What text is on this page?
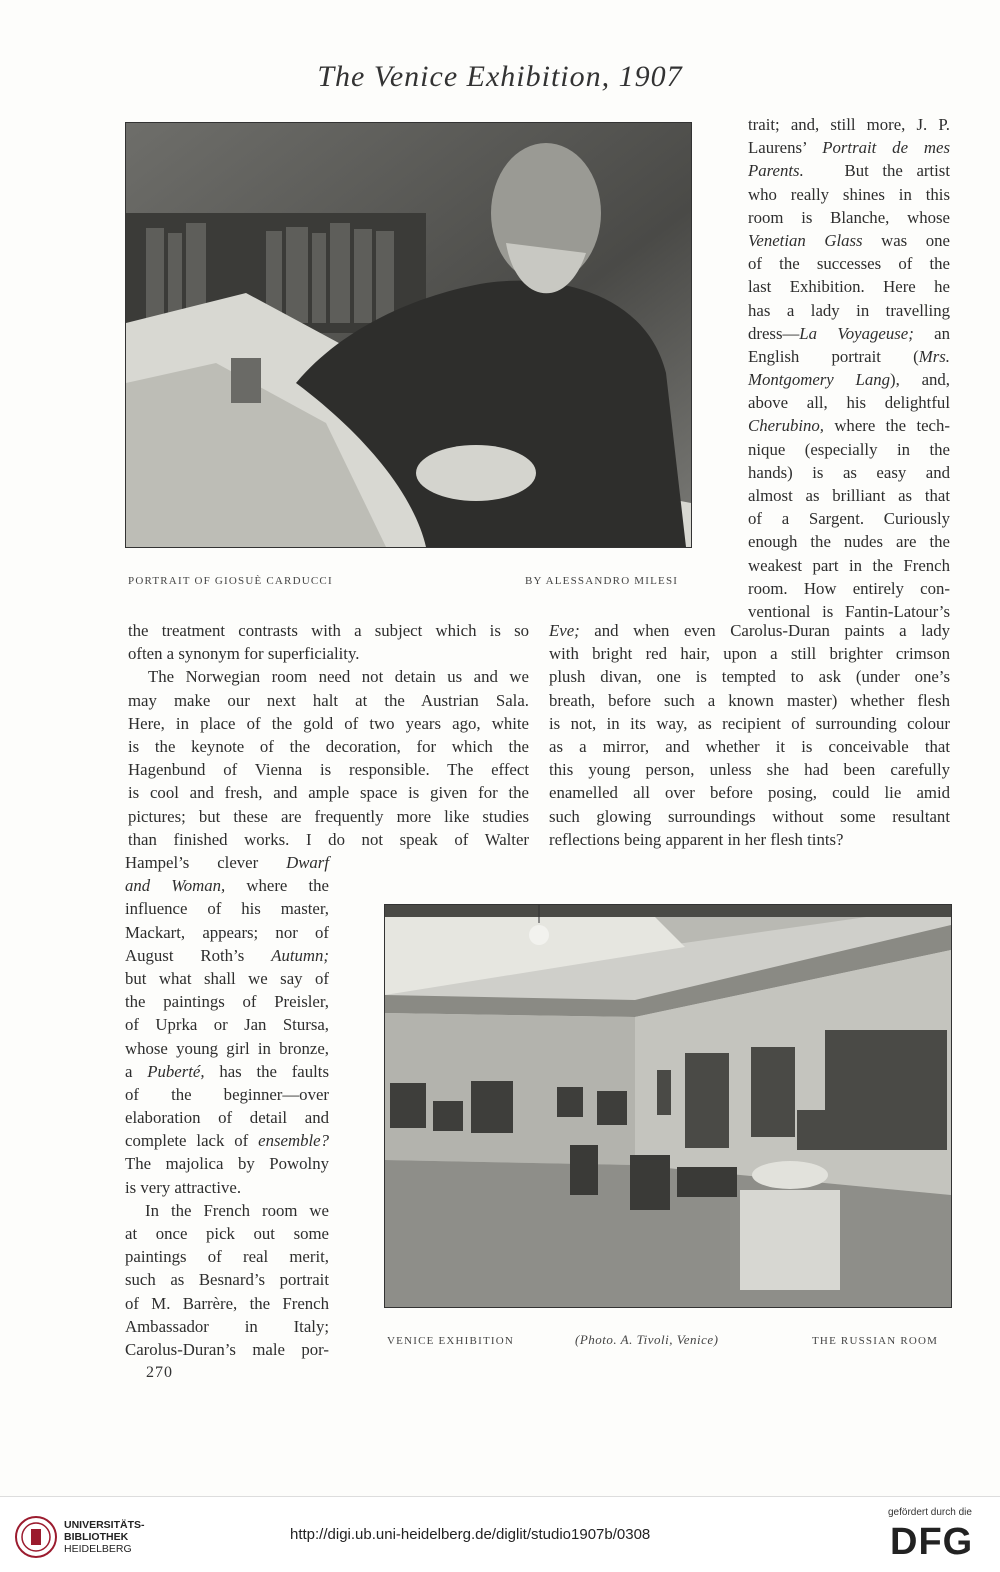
The Venice Exhibition, 1907
PORTRAIT OF GIOSUÈ CARDUCCI	BY ALESSANDRO MILESI
trait; and, still more, J. P.
Laurens’ Portrait de mes
Parents. But the artist
who really shines in this
room is Blanche, whose
Venetian Glass was one
of the successes of the
last Exhibition. Here he
has a lady in travelling
dress—La Voyageuse; an
English portrait (Mrs.
Montgomery Lang), and,
above all, his delightful
Cherubino, where the tech-
nique (especially in the
hands) is as easy and
almost as brilliant as that
of a Sargent. Curiously
enough the nudes are the
weakest part in the French
room. How entirely con-
ventional is Fantin-Latour’s
the treatment contrasts with a subject which is so
often a synonym for superficiality.
The Norwegian room need not detain us and we
may make our next halt at the Austrian Sala.
Here, in place of the gold of two years ago, white
is the keynote of the decoration, for which the
Hagenbund of Vienna is responsible. The effect
is cool and fresh, and ample space is given for the
pictures; but these are frequently more like studies
than finished works. I do not speak of Walter
Eve; and when even Carolus-Duran paints a lady
with bright red hair, upon a still brighter crimson
plush divan, one is tempted to ask (under one’s
breath, before such a known master) whether flesh
is not, in its way, as recipient of surrounding colour
as a mirror, and whether it is conceivable that
this young person, unless she had been carefully
enamelled all over before posing, could lie amid
such glowing surroundings without some resultant
reflections being apparent in her flesh tints?
Hampel’s clever Dwarf
and Woman, where the
influence of his master,
Mackart, appears; nor of
August Roth’s Autumn;
but what shall we say of
the paintings of Preisler,
of Uprka or Jan Stursa,
whose young girl in bronze,
a Puberté, has the faults
of the beginner—over
elaboration of detail and
complete lack of ensemble?
The majolica by Powolny
is very attractive.
In the French room we
at once pick out some
paintings of real merit,
such as Besnard’s portrait
of M. Barrère, the French
Ambassador in Italy;
Carolus-Duran’s male por-	VENICE EXHIBITION	(Photo. A. Tivoli, Venice)	THE RUSSIAN ROOM
270
UNIVERSITÄTS-
BIBLIOTHEK
HEIDELBERG
http://digi.ub.uni-heidelberg.de/diglit/studio1907b/0308
gefördert durch die
DFG
